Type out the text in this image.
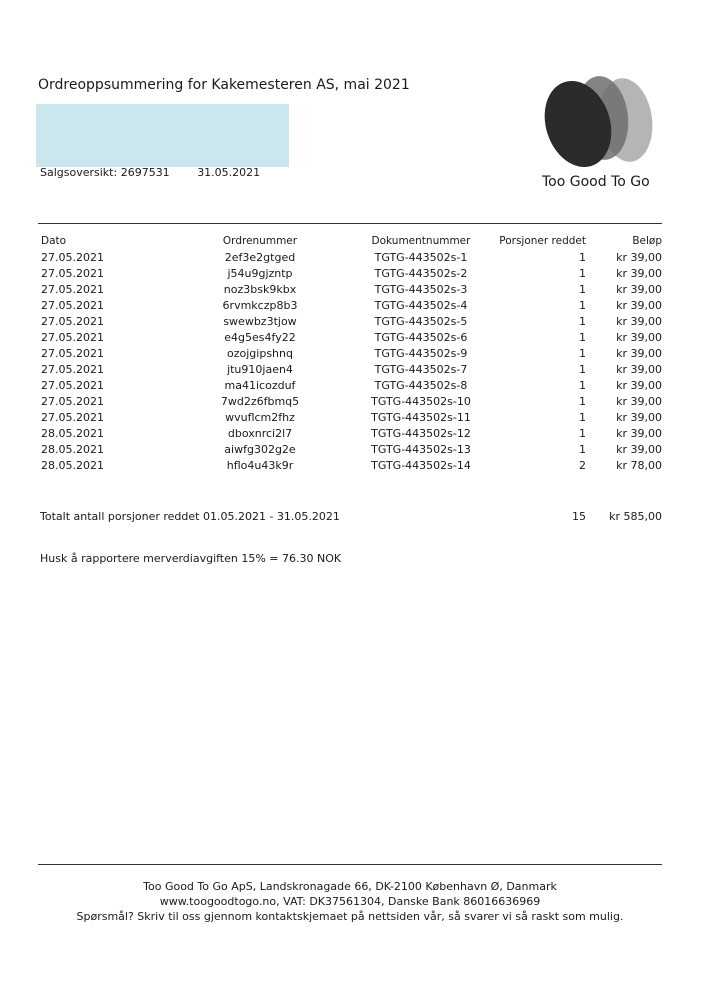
Ordreoppsummering for Kakemesteren AS, mai 2021
Salgsoversikt: 2697531	31.05.2021
Too Good To Go
Dato	Ordrenummer	Dokumentnummer	Porsjoner reddet	Beløp
27.05.2021	2ef3e2gtged	TGTG-443502s-1	1	kr 39,00
27.05.2021	j54u9gjzntp	TGTG-443502s-2	1	kr 39,00
27.05.2021	noz3bsk9kbx	TGTG-443502s-3	1	kr 39,00
27.05.2021	6rvmkczp8b3	TGTG-443502s-4	1	kr 39,00
27.05.2021	swewbz3tjow	TGTG-443502s-5	1	kr 39,00
27.05.2021	e4g5es4fy22	TGTG-443502s-6	1	kr 39,00
27.05.2021	ozojgipshnq	TGTG-443502s-9	1	kr 39,00
27.05.2021	jtu910jaen4	TGTG-443502s-7	1	kr 39,00
27.05.2021	ma41icozduf	TGTG-443502s-8	1	kr 39,00
27.05.2021	7wd2z6fbmq5	TGTG-443502s-10	1	kr 39,00
27.05.2021	wvuflcm2fhz	TGTG-443502s-11	1	kr 39,00
28.05.2021	dboxnrci2l7	TGTG-443502s-12	1	kr 39,00
28.05.2021	aiwfg302g2e	TGTG-443502s-13	1	kr 39,00
28.05.2021	hflo4u43k9r	TGTG-443502s-14	2	kr 78,00
Totalt antall porsjoner reddet 01.05.2021 - 31.05.2021	15	kr 585,00
Husk å rapportere merverdiavgiften 15% = 76.30 NOK
Too Good To Go ApS, Landskronagade 66, DK-2100 København Ø, Danmark
www.toogoodtogo.no, VAT: DK37561304, Danske Bank 86016636969
Spørsmål? Skriv til oss gjennom kontaktskjemaet på nettsiden vår, så svarer vi så raskt som mulig.
